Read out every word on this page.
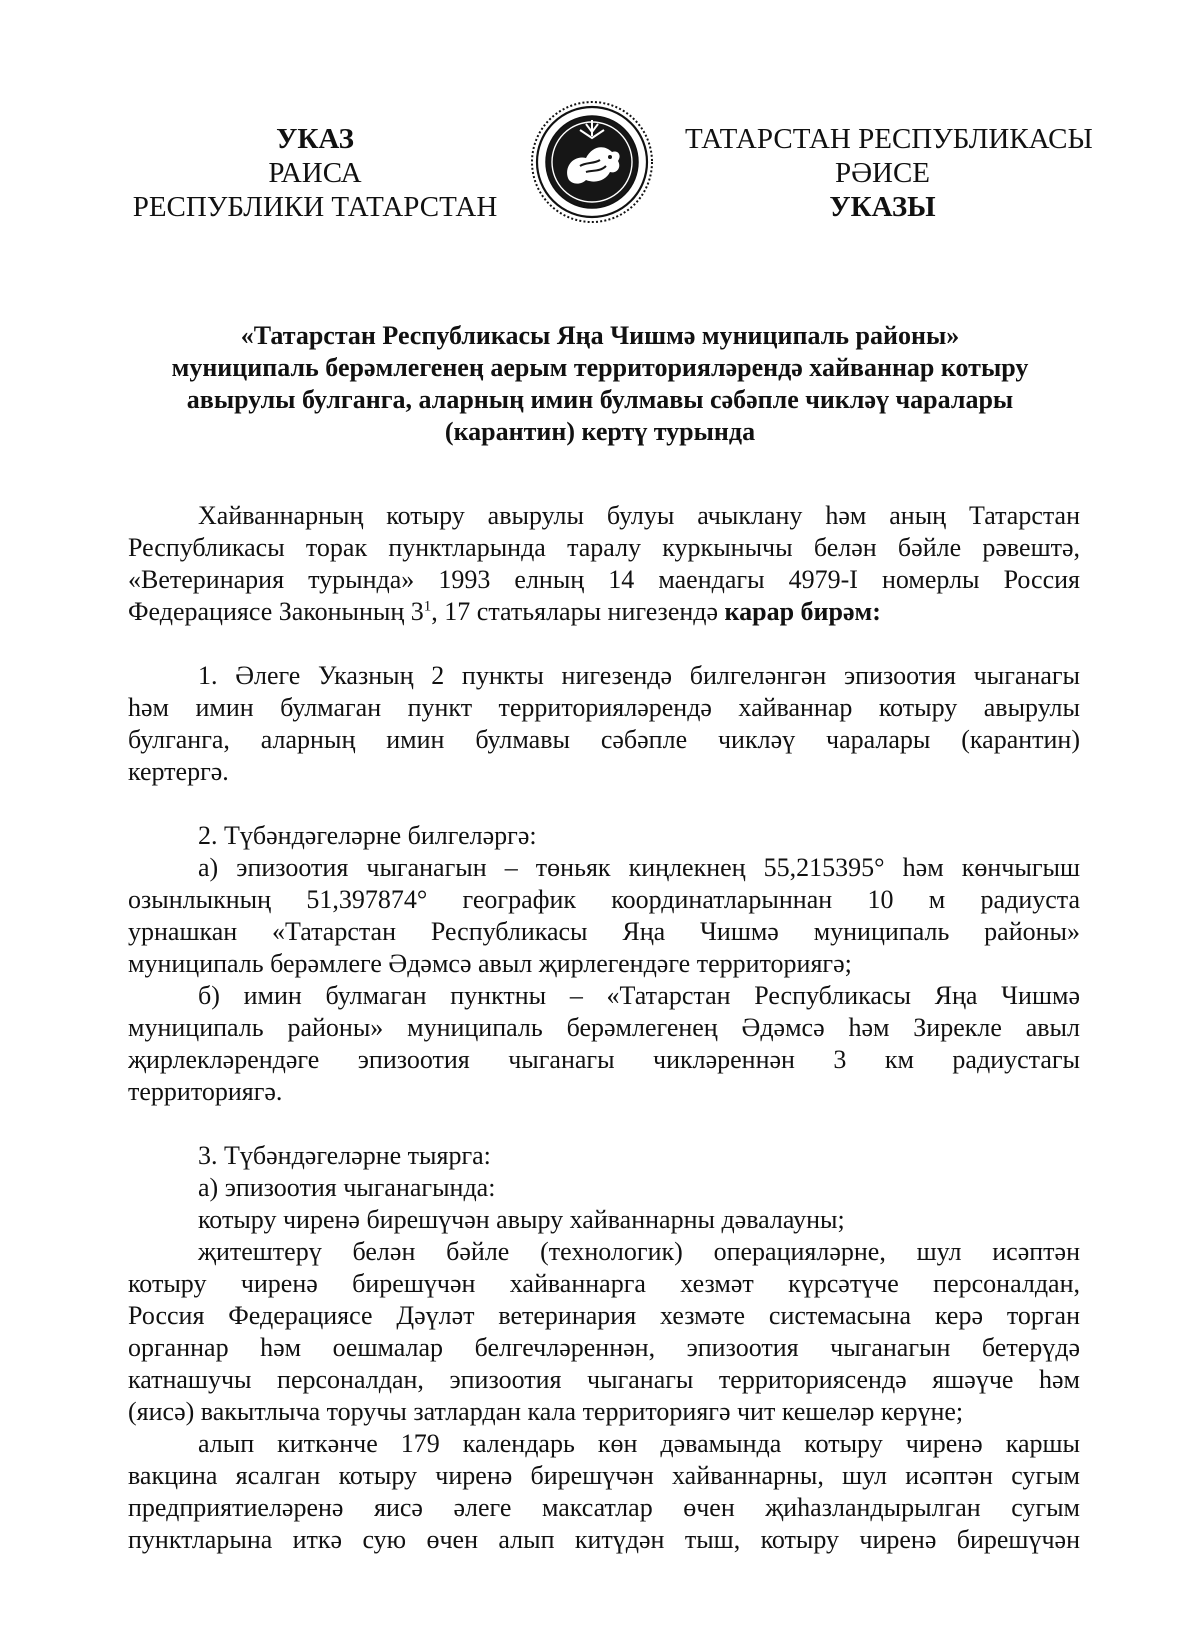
УКАЗ
РАИСА
РЕСПУБЛИКИ ТАТАРСТАН	ТАТАРСТАН
ТАТАРСТАН РЕСПУБЛИКАСЫ
РӘИСЕ
УКАЗЫ
«Татарстан Республикасы Яңа Чишмә муниципаль районы»
муниципаль берәмлегенең аерым территорияләрендә хайваннар котыру
авырулы булганга, аларның имин булмавы сәбәпле чикләү чаралары
(карантин) кертү турында

Хайваннарның котыру авырулы булуы ачыклану һәм аның Татарстан

Республикасы торак пунктларында таралу куркынычы белән бәйле рәвештә,

«Ветеринария турында» 1993 елның 14 маендагы 4979-I номерлы Россия

Федерациясе Законының $3^1$, 17 статьялары нигезендә карар бирәм:

1. Әлеге Указның 2 пункты нигезендә билгеләнгән эпизоотия чыганагы

һәм имин булмаган пункт территорияләрендә хайваннар котыру авырулы

булганга, аларның имин булмавы сәбәпле чикләү чаралары (карантин)

кертергә.

2. Түбәндәгеләрне билгеләргә:

а) эпизоотия чыганагын – төньяк киңлекнең 55,215395° һәм көнчыгыш

озынлыкның 51,397874° географик координатларыннан 10 м радиуста

урнашкан «Татарстан Республикасы Яңа Чишмә муниципаль районы»

муниципаль берәмлеге Әдәмсә авыл җирлегендәге территориягә;

б) имин булмаган пунктны – «Татарстан Республикасы Яңа Чишмә

муниципаль районы» муниципаль берәмлегенең Әдәмсә һәм Зирекле авыл

җирлекләрендәге эпизоотия чыганагы чикләреннән 3 км радиустагы

территориягә.

3. Түбәндәгеләрне тыярга:

а) эпизоотия чыганагында:

котыру чиренә бирешүчән авыру хайваннарны дәвалауны;

җитештерү белән бәйле (технологик) операцияләрне, шул исәптән

котыру чиренә бирешүчән хайваннарга хезмәт күрсәтүче персоналдан,

Россия Федерациясе Дәүләт ветеринария хезмәте системасына керә торган

органнар һәм оешмалар белгечләреннән, эпизоотия чыганагын бетерүдә

катнашучы персоналдан, эпизоотия чыганагы территориясендә яшәүче һәм

(яисә) вакытлыча торучы затлардан кала территориягә чит кешеләр керүне;

алып киткәнче 179 календарь көн дәвамында котыру чиренә каршы

вакцина ясалган котыру чиренә бирешүчән хайваннарны, шул исәптән сугым

предприятиеләренә яисә әлеге максатлар өчен җиһазландырылган сугым

пунктларына иткә сую өчен алып китүдән тыш, котыру чиренә бирешүчән
